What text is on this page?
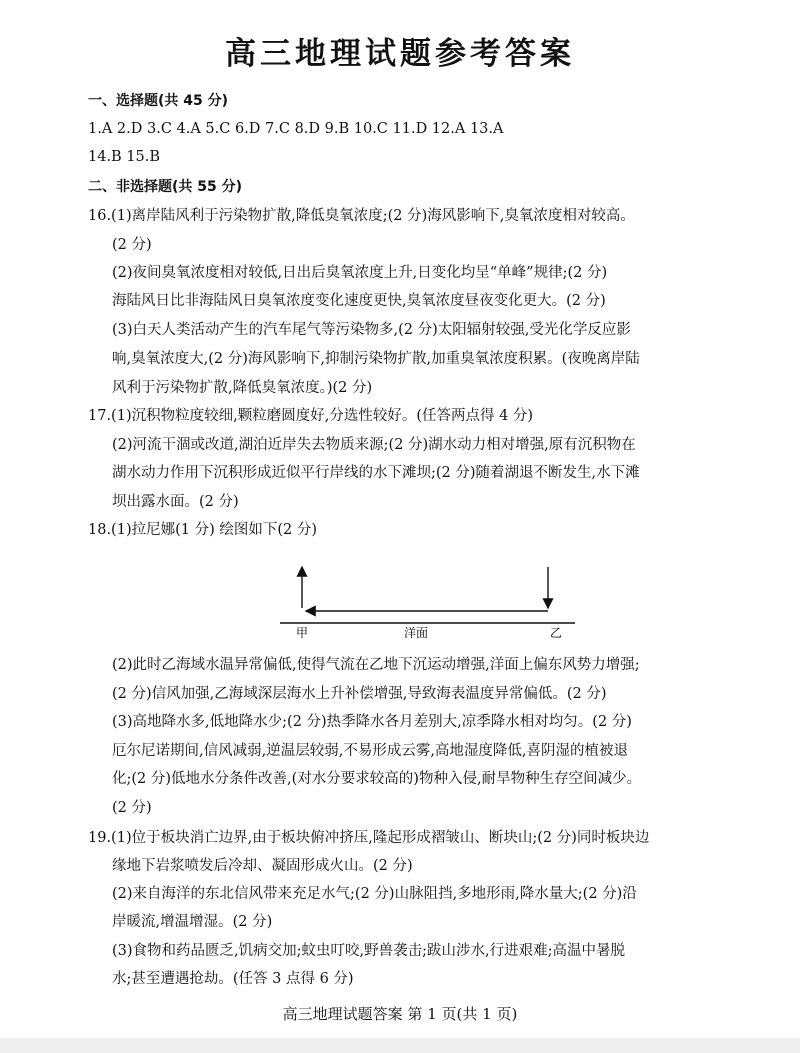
高三地理试题参考答案
一、选择题(共 45 分)
1.A 2.D 3.C 4.A 5.C 6.D 7.C 8.D 9.B 10.C 11.D 12.A 13.A
14.B 15.B
二、非选择题(共 55 分)
16.(1)离岸陆风利于污染物扩散,降低臭氧浓度;(2 分)海风影响下,臭氧浓度相对较高。
(2 分)
(2)夜间臭氧浓度相对较低,日出后臭氧浓度上升,日变化均呈“单峰”规律;(2 分)
海陆风日比非海陆风日臭氧浓度变化速度更快,臭氧浓度昼夜变化更大。(2 分)
(3)白天人类活动产生的汽车尾气等污染物多,(2 分)太阳辐射较强,受光化学反应影
响,臭氧浓度大,(2 分)海风影响下,抑制污染物扩散,加重臭氧浓度积累。(夜晚离岸陆
风利于污染物扩散,降低臭氧浓度。)(2 分)
17.(1)沉积物粒度较细,颗粒磨圆度好,分选性较好。(任答两点得 4 分)
(2)河流干涸或改道,湖泊近岸失去物质来源;(2 分)湖水动力相对增强,原有沉积物在
湖水动力作用下沉积形成近似平行岸线的水下滩坝;(2 分)随着湖退不断发生,水下滩
坝出露水面。(2 分)
18.(1)拉尼娜(1 分) 绘图如下(2 分)
甲	洋面	乙
(2)此时乙海域水温异常偏低,使得气流在乙地下沉运动增强,洋面上偏东风势力增强;
(2 分)信风加强,乙海域深层海水上升补偿增强,导致海表温度异常偏低。(2 分)
(3)高地降水多,低地降水少;(2 分)热季降水各月差别大,凉季降水相对均匀。(2 分)
厄尔尼诺期间,信风减弱,逆温层较弱,不易形成云雾,高地湿度降低,喜阴湿的植被退
化;(2 分)低地水分条件改善,(对水分要求较高的)物种入侵,耐旱物种生存空间减少。
(2 分)
19.(1)位于板块消亡边界,由于板块俯冲挤压,隆起形成褶皱山、断块山;(2 分)同时板块边
缘地下岩浆喷发后冷却、凝固形成火山。(2 分)
(2)来自海洋的东北信风带来充足水气;(2 分)山脉阻挡,多地形雨,降水量大;(2 分)沿
岸暖流,增温增湿。(2 分)
(3)食物和药品匮乏,饥病交加;蚊虫叮咬,野兽袭击;跋山涉水,行进艰难;高温中暑脱
水;甚至遭遇抢劫。(任答 3 点得 6 分)
高三地理试题答案 第 1 页(共 1 页)
